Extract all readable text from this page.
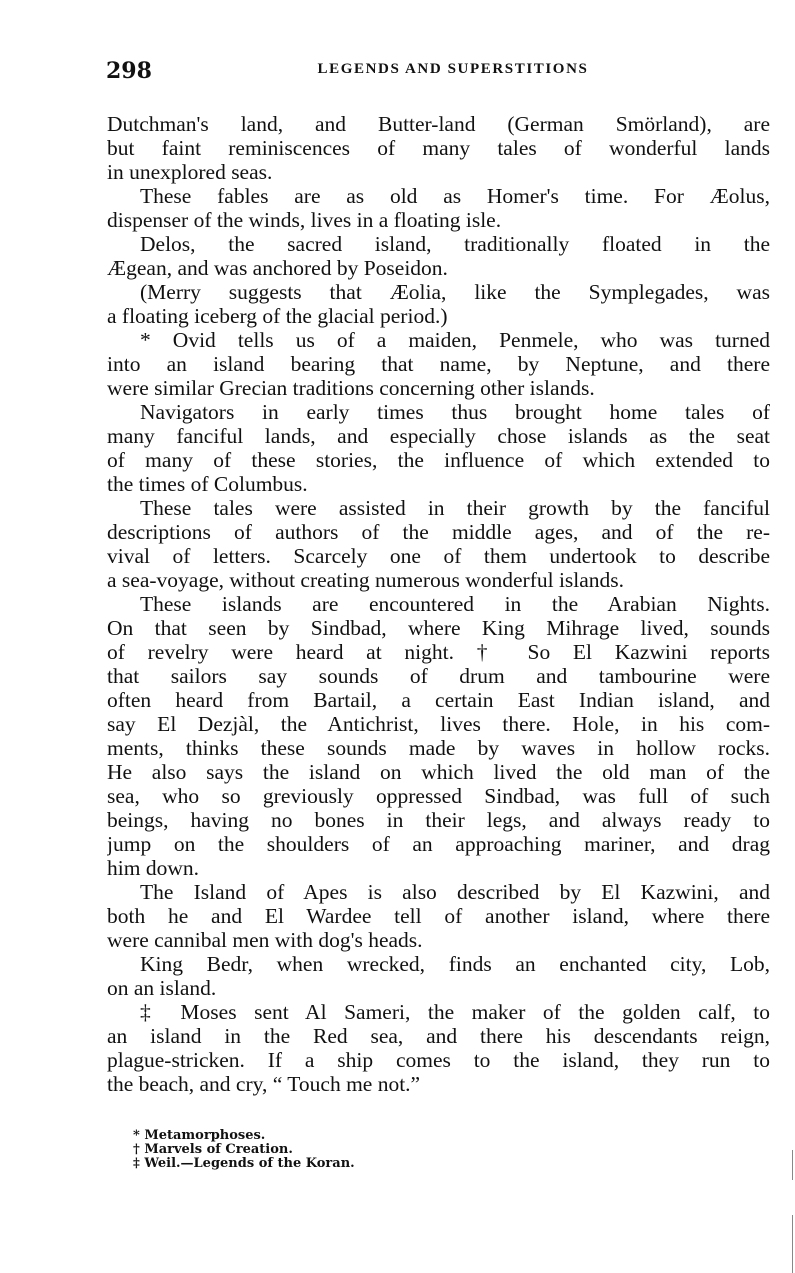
298	LEGENDS AND SUPERSTITIONS
Dutchman's land, and Butter-land (German Smörland), are
but faint reminiscences of many tales of wonderful lands
in unexplored seas.
These fables are as old as Homer's time. For Æolus,
dispenser of the winds, lives in a floating isle.
Delos, the sacred island, traditionally floated in the
Ægean, and was anchored by Poseidon.
(Merry suggests that Æolia, like the Symplegades, was
a floating iceberg of the glacial period.)
* Ovid tells us of a maiden, Penmele, who was turned
into an island bearing that name, by Neptune, and there
were similar Grecian traditions concerning other islands.
Navigators in early times thus brought home tales of
many fanciful lands, and especially chose islands as the seat
of many of these stories, the influence of which extended to
the times of Columbus.
These tales were assisted in their growth by the fanciful
descriptions of authors of the middle ages, and of the re-
vival of letters. Scarcely one of them undertook to describe
a sea-voyage, without creating numerous wonderful islands.
These islands are encountered in the Arabian Nights.
On that seen by Sindbad, where King Mihrage lived, sounds
of revelry were heard at night. † So El Kazwini reports
that sailors say sounds of drum and tambourine were
often heard from Bartail, a certain East Indian island, and
say El Dezjàl, the Antichrist, lives there. Hole, in his com-
ments, thinks these sounds made by waves in hollow rocks.
He also says the island on which lived the old man of the
sea, who so greviously oppressed Sindbad, was full of such
beings, having no bones in their legs, and always ready to
jump on the shoulders of an approaching mariner, and drag
him down.
The Island of Apes is also described by El Kazwini, and
both he and El Wardee tell of another island, where there
were cannibal men with dog's heads.
King Bedr, when wrecked, finds an enchanted city, Lob,
on an island.
‡ Moses sent Al Sameri, the maker of the golden calf, to
an island in the Red sea, and there his descendants reign,
plague-stricken. If a ship comes to the island, they run to
the beach, and cry, “ Touch me not.”
* Metamorphoses.
† Marvels of Creation.
‡ Weil.—Legends of the Koran.
